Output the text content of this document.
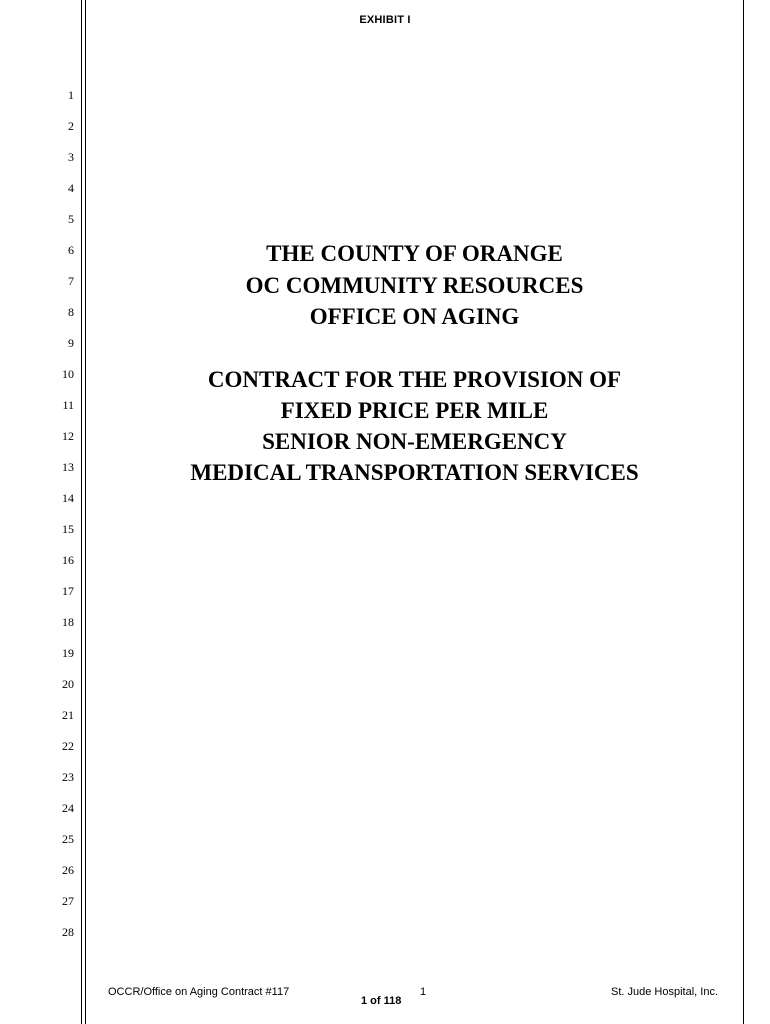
EXHIBIT I
1
2
3
4
5
6
7
8
9
10
11
12
13
14
15
16
17
18
19
20
21
22
23
24
25
26
27
28
THE COUNTY OF ORANGE
OC COMMUNITY RESOURCES
OFFICE ON AGING
CONTRACT FOR THE PROVISION OF
FIXED PRICE PER MILE
SENIOR NON-EMERGENCY
MEDICAL TRANSPORTATION SERVICES
OCCR/Office on Aging Contract #117	1	St. Jude Hospital, Inc.
1 of 118
